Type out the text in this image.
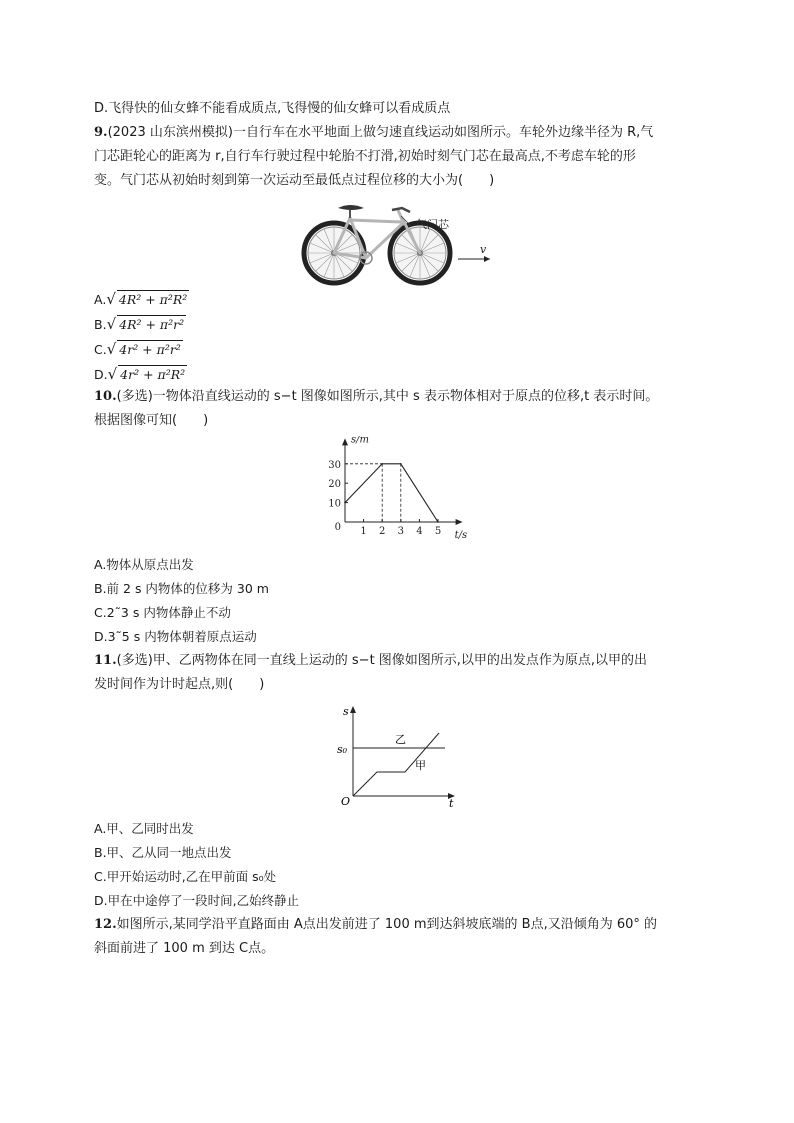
D.飞得快的仙女蜂不能看成质点,飞得慢的仙女蜂可以看成质点
9.(2023 山东滨州模拟)一自行车在水平地面上做匀速直线运动如图所示。车轮外边缘半径为 R,气
门芯距轮心的距离为 r,自行车行驶过程中轮胎不打滑,初始时刻气门芯在最高点,不考虑车轮的形
变。气门芯从初始时刻到第一次运动至最低点过程位移的大小为(　　)
气门芯
v
A.√ 4R² + π²R²
B.√ 4R² + π²r²
C.√ 4r² + π²r²
D.√ 4r² + π²R²
10.(多选)一物体沿直线运动的 s−t 图像如图所示,其中 s 表示物体相对于原点的位移,t 表示时间。
根据图像可知(　　)
s/m
t/s
0 1 2 3 4 5
10
20
30
A.物体从原点出发
B.前 2 s 内物体的位移为 30 m
C.2˜3 s 内物体静止不动
D.3˜5 s 内物体朝着原点运动
11.(多选)甲、乙两物体在同一直线上运动的 s−t 图像如图所示,以甲的出发点作为原点,以甲的出
发时间作为计时起点,则(　　)
s
t
O
s₀
乙
甲
A.甲、乙同时出发
B.甲、乙从同一地点出发
C.甲开始运动时,乙在甲前面 s₀处
D.甲在中途停了一段时间,乙始终静止
12.如图所示,某同学沿平直路面由 A点出发前进了 100 m到达斜坡底端的 B点,又沿倾角为 60° 的
斜面前进了 100 m 到达 C点。
